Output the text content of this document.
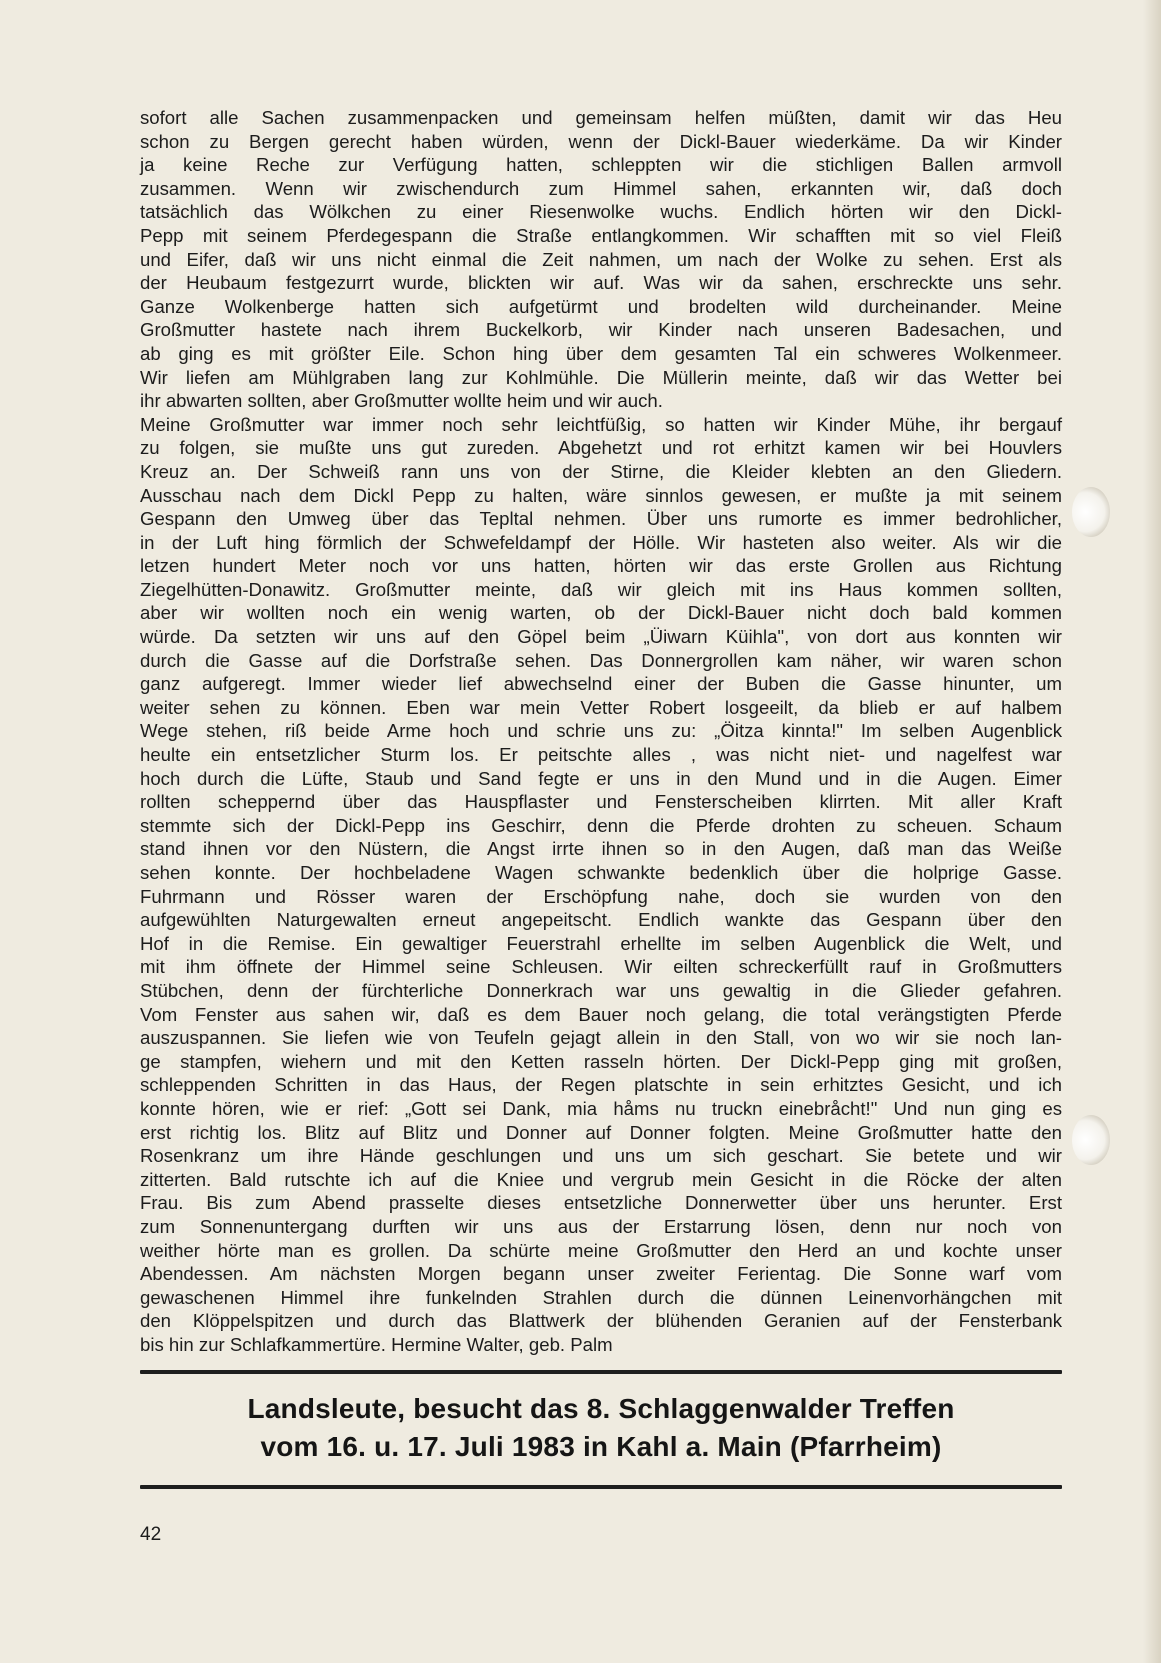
sofort alle Sachen zusammenpacken und gemeinsam helfen müßten, damit wir das Heu
schon zu Bergen gerecht haben würden, wenn der Dickl-Bauer wiederkäme. Da wir Kinder
ja keine Reche zur Verfügung hatten, schleppten wir die stichligen Ballen armvoll
zusammen. Wenn wir zwischendurch zum Himmel sahen, erkannten wir, daß doch
tatsächlich das Wölkchen zu einer Riesenwolke wuchs. Endlich hörten wir den Dickl-
Pepp mit seinem Pferdegespann die Straße entlangkommen. Wir schafften mit so viel Fleiß
und Eifer, daß wir uns nicht einmal die Zeit nahmen, um nach der Wolke zu sehen. Erst als
der Heubaum festgezurrt wurde, blickten wir auf. Was wir da sahen, erschreckte uns sehr.
Ganze Wolkenberge hatten sich aufgetürmt und brodelten wild durcheinander. Meine
Großmutter hastete nach ihrem Buckelkorb, wir Kinder nach unseren Badesachen, und
ab ging es mit größter Eile. Schon hing über dem gesamten Tal ein schweres Wolkenmeer.
Wir liefen am Mühlgraben lang zur Kohlmühle. Die Müllerin meinte, daß wir das Wetter bei
ihr abwarten sollten, aber Großmutter wollte heim und wir auch.
Meine Großmutter war immer noch sehr leichtfüßig, so hatten wir Kinder Mühe, ihr bergauf
zu folgen, sie mußte uns gut zureden. Abgehetzt und rot erhitzt kamen wir bei Houvlers
Kreuz an. Der Schweiß rann uns von der Stirne, die Kleider klebten an den Gliedern.
Ausschau nach dem Dickl Pepp zu halten, wäre sinnlos gewesen, er mußte ja mit seinem
Gespann den Umweg über das Tepltal nehmen. Über uns rumorte es immer bedrohlicher,
in der Luft hing förmlich der Schwefeldampf der Hölle. Wir hasteten also weiter. Als wir die
letzen hundert Meter noch vor uns hatten, hörten wir das erste Grollen aus Richtung
Ziegelhütten-Donawitz. Großmutter meinte, daß wir gleich mit ins Haus kommen sollten,
aber wir wollten noch ein wenig warten, ob der Dickl-Bauer nicht doch bald kommen
würde. Da setzten wir uns auf den Göpel beim „Üiwarn Küihla", von dort aus konnten wir
durch die Gasse auf die Dorfstraße sehen. Das Donnergrollen kam näher, wir waren schon
ganz aufgeregt. Immer wieder lief abwechselnd einer der Buben die Gasse hinunter, um
weiter sehen zu können. Eben war mein Vetter Robert losgeeilt, da blieb er auf halbem
Wege stehen, riß beide Arme hoch und schrie uns zu: „Öitza kinnta!" Im selben Augenblick
heulte ein entsetzlicher Sturm los. Er peitschte alles , was nicht niet- und nagelfest war
hoch durch die Lüfte, Staub und Sand fegte er uns in den Mund und in die Augen. Eimer
rollten scheppernd über das Hauspflaster und Fensterscheiben klirrten. Mit aller Kraft
stemmte sich der Dickl-Pepp ins Geschirr, denn die Pferde drohten zu scheuen. Schaum
stand ihnen vor den Nüstern, die Angst irrte ihnen so in den Augen, daß man das Weiße
sehen konnte. Der hochbeladene Wagen schwankte bedenklich über die holprige Gasse.
Fuhrmann und Rösser waren der Erschöpfung nahe, doch sie wurden von den
aufgewühlten Naturgewalten erneut angepeitscht. Endlich wankte das Gespann über den
Hof in die Remise. Ein gewaltiger Feuerstrahl erhellte im selben Augenblick die Welt, und
mit ihm öffnete der Himmel seine Schleusen. Wir eilten schreckerfüllt rauf in Großmutters
Stübchen, denn der fürchterliche Donnerkrach war uns gewaltig in die Glieder gefahren.
Vom Fenster aus sahen wir, daß es dem Bauer noch gelang, die total verängstigten Pferde
auszuspannen. Sie liefen wie von Teufeln gejagt allein in den Stall, von wo wir sie noch lan-
ge stampfen, wiehern und mit den Ketten rasseln hörten. Der Dickl-Pepp ging mit großen,
schleppenden Schritten in das Haus, der Regen platschte in sein erhitztes Gesicht, und ich
konnte hören, wie er rief: „Gott sei Dank, mia håms nu truckn einebråcht!" Und nun ging es
erst richtig los. Blitz auf Blitz und Donner auf Donner folgten. Meine Großmutter hatte den
Rosenkranz um ihre Hände geschlungen und uns um sich geschart. Sie betete und wir
zitterten. Bald rutschte ich auf die Kniee und vergrub mein Gesicht in die Röcke der alten
Frau. Bis zum Abend prasselte dieses entsetzliche Donnerwetter über uns herunter. Erst
zum Sonnenuntergang durften wir uns aus der Erstarrung lösen, denn nur noch von
weither hörte man es grollen. Da schürte meine Großmutter den Herd an und kochte unser
Abendessen. Am nächsten Morgen begann unser zweiter Ferientag. Die Sonne warf vom
gewaschenen Himmel ihre funkelnden Strahlen durch die dünnen Leinenvorhängchen mit
den Klöppelspitzen und durch das Blattwerk der blühenden Geranien auf der Fensterbank
bis hin zur Schlafkammertüre. Hermine Walter, geb. Palm
Landsleute, besucht das 8. Schlaggenwalder Treffen
vom 16. u. 17. Juli 1983 in Kahl a. Main (Pfarrheim)
42
